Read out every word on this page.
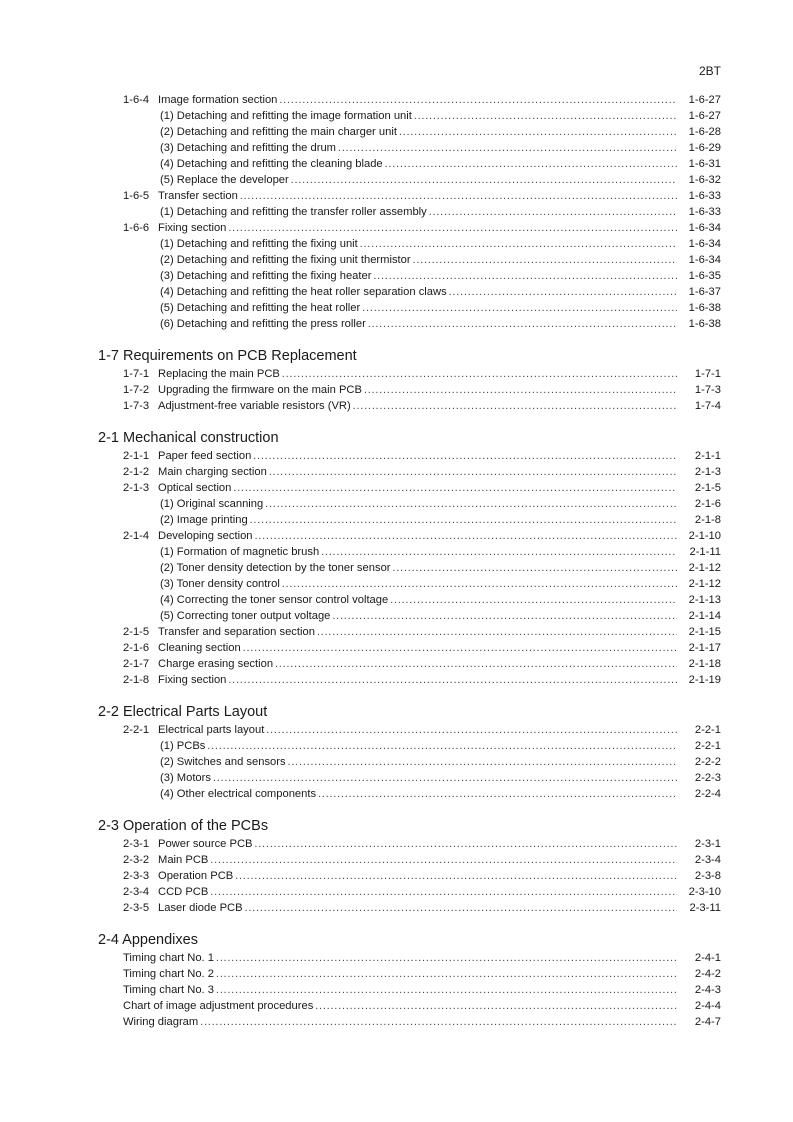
2BT
1-6-4 Image formation section . . .	1-6-27
(1) Detaching and refitting the image formation unit . . .	1-6-27
(2) Detaching and refitting the main charger unit . . .	1-6-28
(3) Detaching and refitting the drum . . .	1-6-29
(4) Detaching and refitting the cleaning blade . . .	1-6-31
(5) Replace the developer . . .	1-6-32
1-6-5 Transfer section . . .	1-6-33
(1) Detaching and refitting the transfer roller assembly . . .	1-6-33
1-6-6 Fixing section . . .	1-6-34
(1) Detaching and refitting the fixing unit . . .	1-6-34
(2) Detaching and refitting the fixing unit thermistor . . .	1-6-34
(3) Detaching and refitting the fixing heater . . .	1-6-35
(4) Detaching and refitting the heat roller separation claws . . .	1-6-37
(5) Detaching and refitting the heat roller . . .	1-6-38
(6) Detaching and refitting the press roller . . .	1-6-38
1-7 Requirements on PCB Replacement
1-7-1 Replacing the main PCB . . .	1-7-1
1-7-2 Upgrading the firmware on the main PCB . . .	1-7-3
1-7-3 Adjustment-free variable resistors (VR) . . .	1-7-4
2-1 Mechanical construction
2-1-1 Paper feed section . . .	2-1-1
2-1-2 Main charging section . . .	2-1-3
2-1-3 Optical section . . .	2-1-5
(1) Original scanning . . .	2-1-6
(2) Image printing . . .	2-1-8
2-1-4 Developing section . . .	2-1-10
(1) Formation of magnetic brush . . .	2-1-11
(2) Toner density detection by the toner sensor . . .	2-1-12
(3) Toner density control . . .	2-1-12
(4) Correcting the toner sensor control voltage . . .	2-1-13
(5) Correcting toner output voltage . . .	2-1-14
2-1-5 Transfer and separation section . . .	2-1-15
2-1-6 Cleaning section . . .	2-1-17
2-1-7 Charge erasing section . . .	2-1-18
2-1-8 Fixing section . . .	2-1-19
2-2 Electrical Parts Layout
2-2-1 Electrical parts layout . . .	2-2-1
(1) PCBs . . .	2-2-1
(2) Switches and sensors . . .	2-2-2
(3) Motors . . .	2-2-3
(4) Other electrical components . . .	2-2-4
2-3 Operation of the PCBs
2-3-1 Power source PCB . . .	2-3-1
2-3-2 Main PCB . . .	2-3-4
2-3-3 Operation PCB . . .	2-3-8
2-3-4 CCD PCB . . .	2-3-10
2-3-5 Laser diode PCB . . .	2-3-11
2-4 Appendixes
Timing chart No. 1 . . .	2-4-1
Timing chart No. 2 . . .	2-4-2
Timing chart No. 3 . . .	2-4-3
Chart of image adjustment procedures . . .	2-4-4
Wiring diagram . . .	2-4-7
